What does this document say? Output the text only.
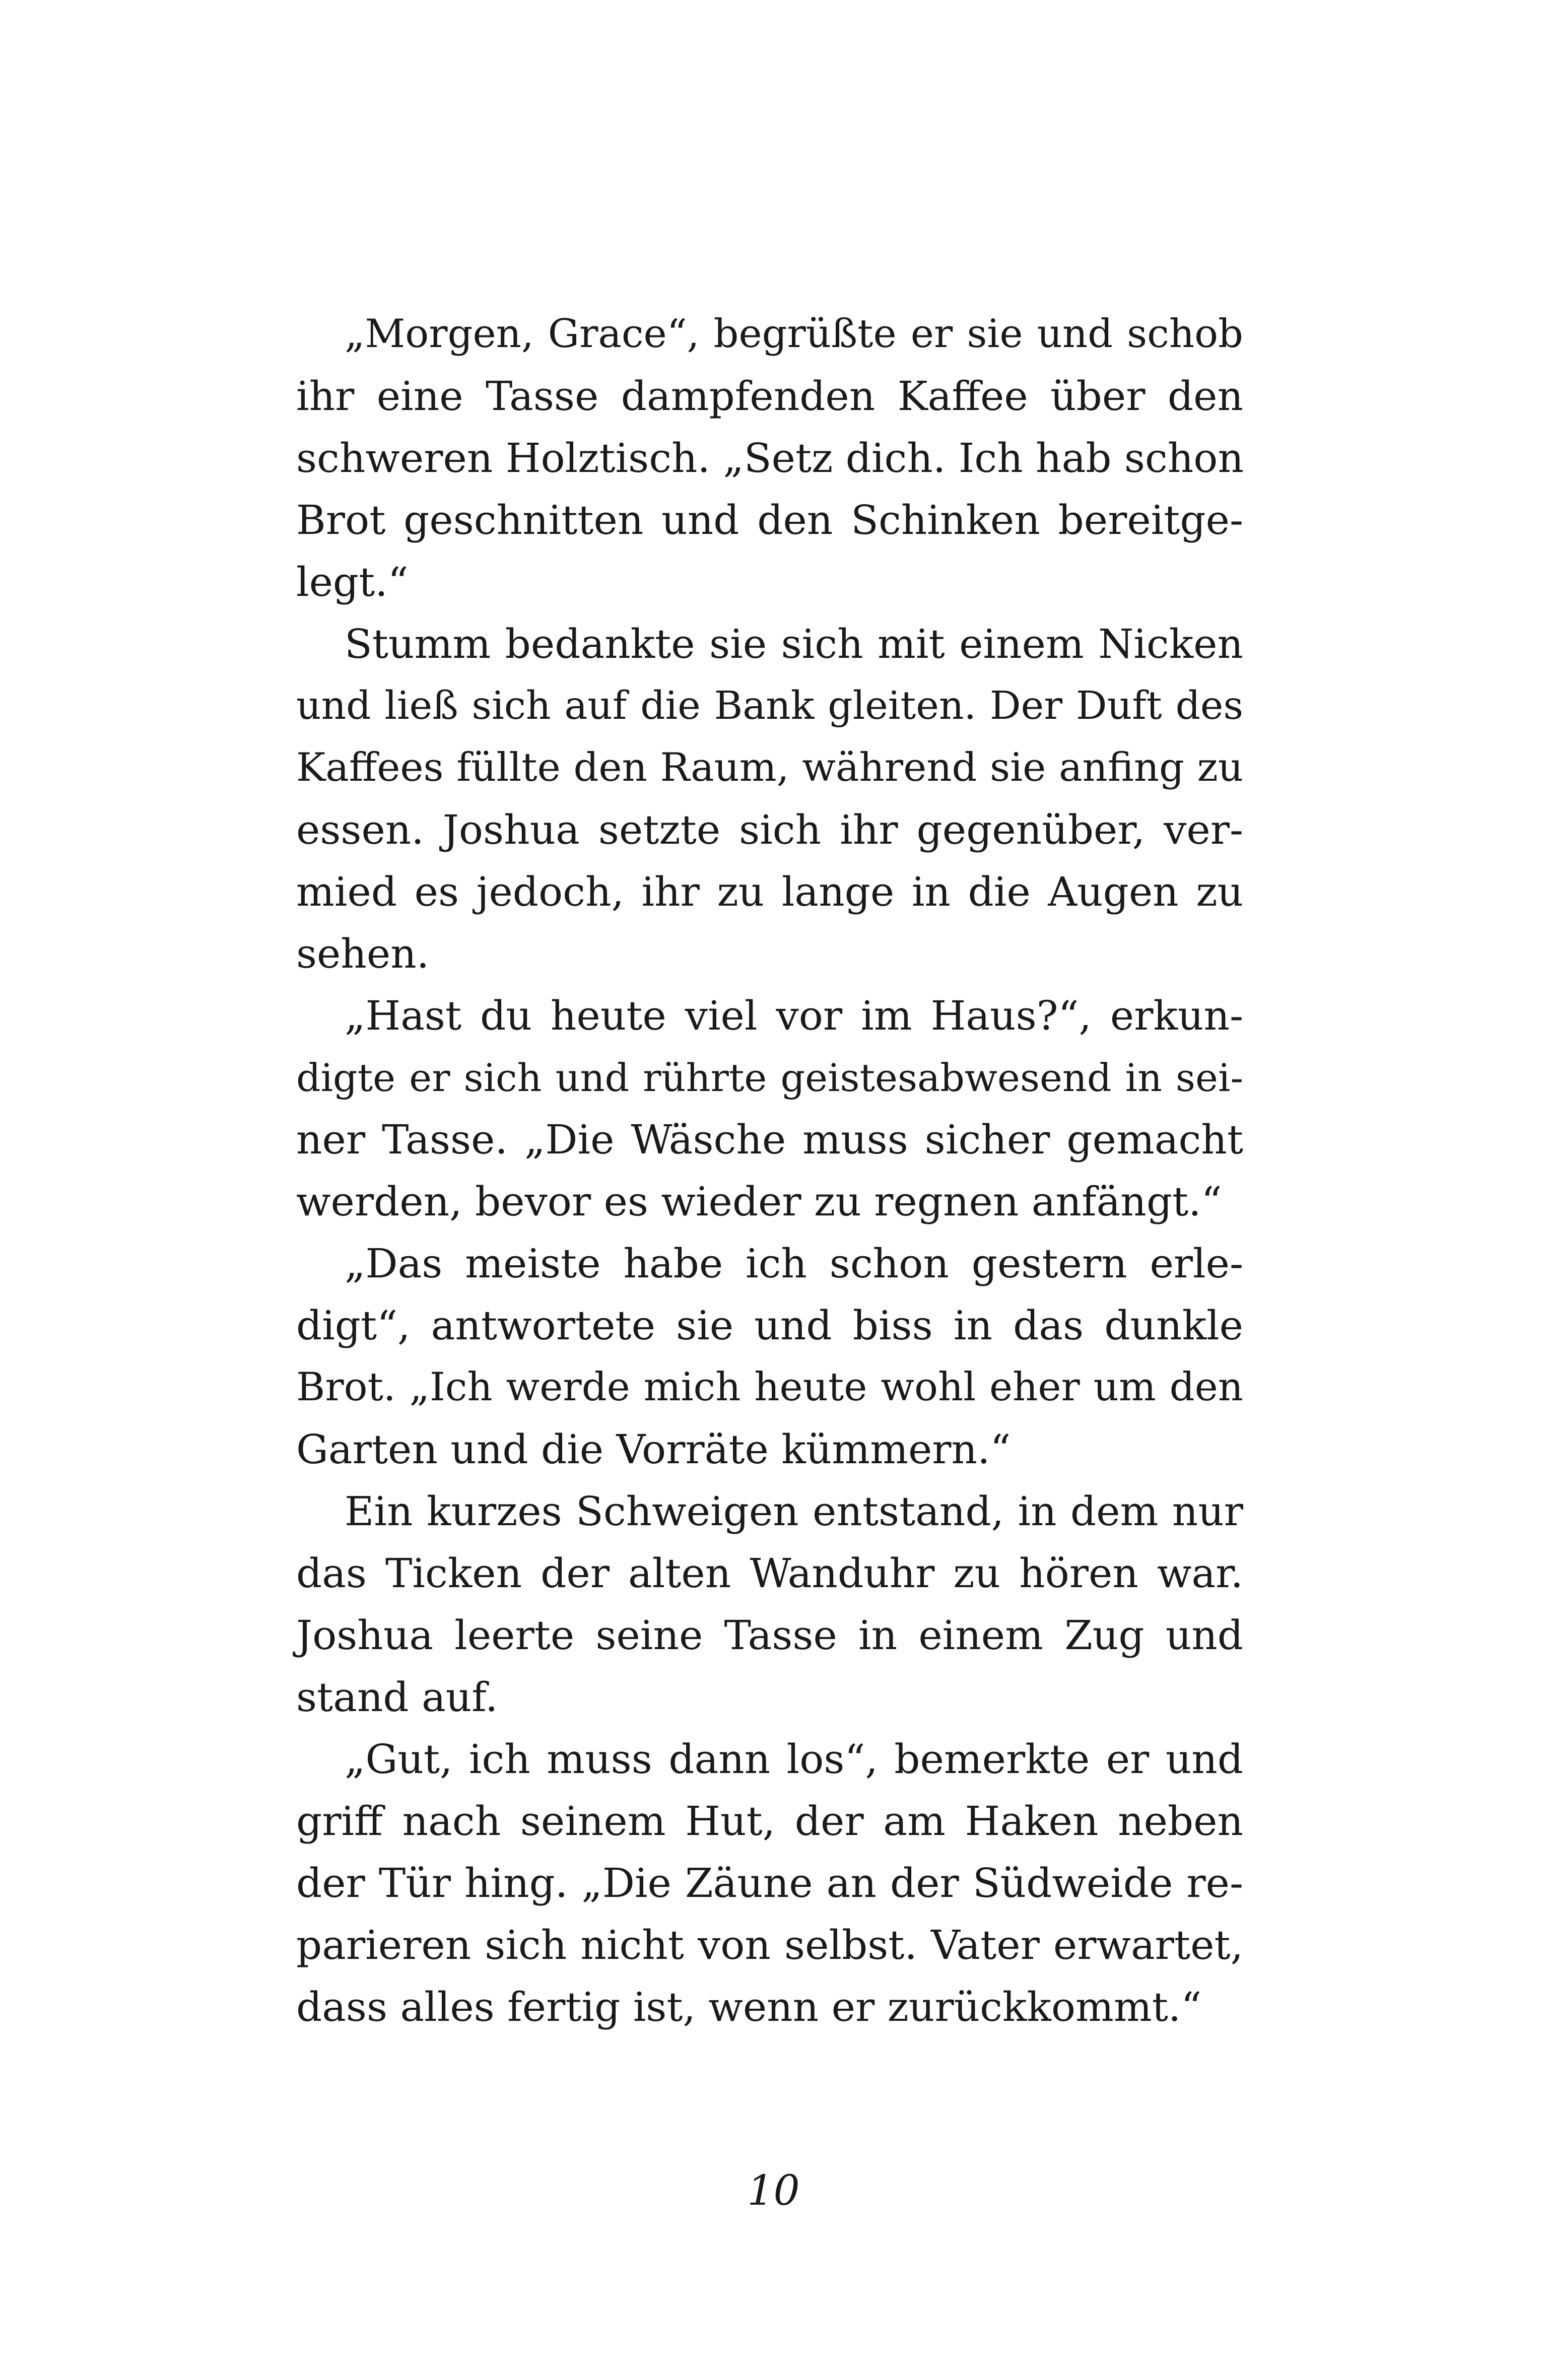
„Morgen, Grace“, begrüßte er sie und schob
ihr eine Tasse dampfenden Kaffee über den
schweren Holztisch. „Setz dich. Ich hab schon
Brot geschnitten und den Schinken bereitge-
legt.“
Stumm bedankte sie sich mit einem Nicken
und ließ sich auf die Bank gleiten. Der Duft des
Kaffees füllte den Raum, während sie anfing zu
essen. Joshua setzte sich ihr gegenüber, ver-
mied es jedoch, ihr zu lange in die Augen zu
sehen.
„Hast du heute viel vor im Haus?“, erkun-
digte er sich und rührte geistesabwesend in sei-
ner Tasse. „Die Wäsche muss sicher gemacht
werden, bevor es wieder zu regnen anfängt.“
„Das meiste habe ich schon gestern erle-
digt“, antwortete sie und biss in das dunkle
Brot. „Ich werde mich heute wohl eher um den
Garten und die Vorräte kümmern.“
Ein kurzes Schweigen entstand, in dem nur
das Ticken der alten Wanduhr zu hören war.
Joshua leerte seine Tasse in einem Zug und
stand auf.
„Gut, ich muss dann los“, bemerkte er und
griff nach seinem Hut, der am Haken neben
der Tür hing. „Die Zäune an der Südweide re-
parieren sich nicht von selbst. Vater erwartet,
dass alles fertig ist, wenn er zurückkommt.“
10
